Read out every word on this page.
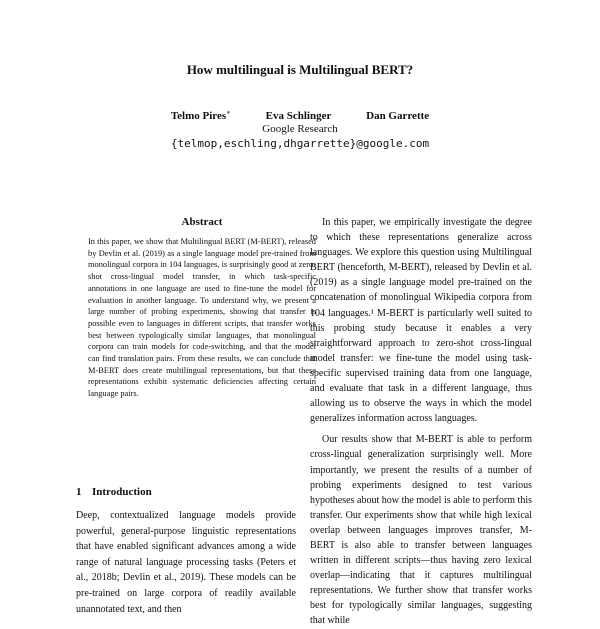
How multilingual is Multilingual BERT?
Telmo Pires∗	Eva Schlinger	Dan Garrette
Google Research
{telmop,eschling,dhgarrette}@google.com
Abstract
In this paper, we show that Multilingual BERT (M-BERT), released by Devlin et al. (2019) as a single language model pre-trained from monolingual corpora in 104 languages, is surprisingly good at zero-shot cross-lingual model transfer, in which task-specific annotations in one language are used to fine-tune the model for evaluation in another language. To understand why, we present a large number of probing experiments, showing that transfer is possible even to languages in different scripts, that transfer works best between typologically similar languages, that monolingual corpora can train models for code-switching, and that the model can find translation pairs. From these results, we can conclude that M-BERT does create multilingual representations, but that these representations exhibit systematic deficiencies affecting certain language pairs.
1 Introduction
Deep, contextualized language models provide powerful, general-purpose linguistic representations that have enabled significant advances among a wide range of natural language processing tasks (Peters et al., 2018b; Devlin et al., 2019). These models can be pre-trained on large corpora of readily available unannotated text, and then

In this paper, we empirically investigate the degree to which these representations generalize across languages. We explore this question using Multilingual BERT (henceforth, M-BERT), released by Devlin et al. (2019) as a single language model pre-trained on the concatenation of monolingual Wikipedia corpora from 104 languages.¹ M-BERT is particularly well suited to this probing study because it enables a very straightforward approach to zero-shot cross-lingual model transfer: we fine-tune the model using task-specific supervised training data from one language, and evaluate that task in a different language, thus allowing us to observe the ways in which the model generalizes information across languages.

Our results show that M-BERT is able to perform cross-lingual generalization surprisingly well. More importantly, we present the results of a number of probing experiments designed to test various hypotheses about how the model is able to perform this transfer. Our experiments show that while high lexical overlap between languages improves transfer, M-BERT is also able to transfer between languages written in different scripts—thus having zero lexical overlap—indicating that it captures multilingual representations. We further show that transfer works best for typologically similar languages, suggesting that while
